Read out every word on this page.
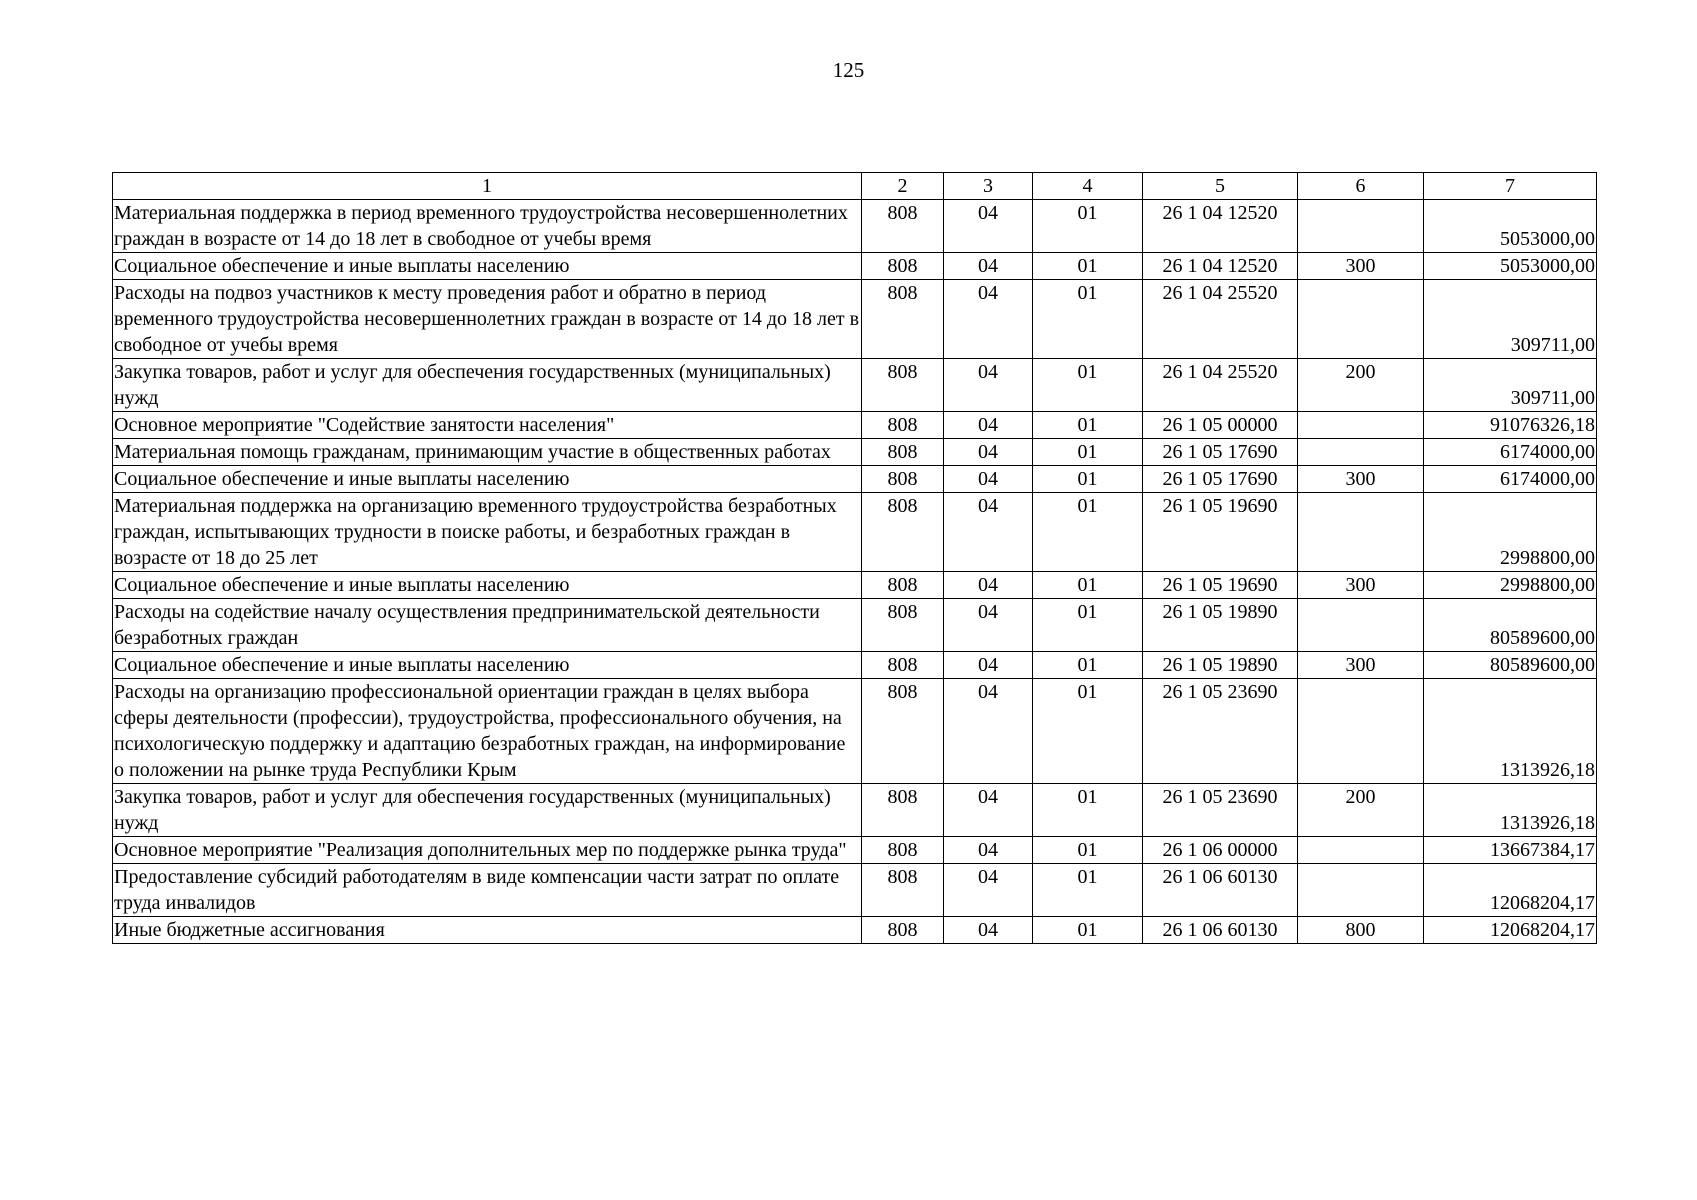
125
1	2	3	4	5	6	7
Материальная поддержка в период временного трудоустройства несовершеннолетних граждан в возрасте от 14 до 18 лет в свободное от учебы время	808	04	01	26 1 04 12520		5053000,00
Социальное обеспечение и иные выплаты населению	808	04	01	26 1 04 12520	300	5053000,00
Расходы на подвоз участников к месту проведения работ и обратно в период временного трудоустройства несовершеннолетних граждан в возрасте от 14 до 18 лет в свободное от учебы время	808	04	01	26 1 04 25520		309711,00
Закупка товаров, работ и услуг для обеспечения государственных (муниципальных) нужд	808	04	01	26 1 04 25520	200	309711,00
Основное мероприятие "Содействие занятости населения"	808	04	01	26 1 05 00000		91076326,18
Материальная помощь гражданам, принимающим участие в общественных работах	808	04	01	26 1 05 17690		6174000,00
Социальное обеспечение и иные выплаты населению	808	04	01	26 1 05 17690	300	6174000,00
Материальная поддержка на организацию временного трудоустройства безработных граждан, испытывающих трудности в поиске работы, и безработных граждан в возрасте от 18 до 25 лет	808	04	01	26 1 05 19690		2998800,00
Социальное обеспечение и иные выплаты населению	808	04	01	26 1 05 19690	300	2998800,00
Расходы на содействие началу осуществления предпринимательской деятельности безработных граждан	808	04	01	26 1 05 19890		80589600,00
Социальное обеспечение и иные выплаты населению	808	04	01	26 1 05 19890	300	80589600,00
Расходы на организацию профессиональной ориентации граждан в целях выбора сферы деятельности (профессии), трудоустройства, профессионального обучения, на психологическую поддержку и адаптацию безработных граждан, на информирование о положении на рынке труда Республики Крым	808	04	01	26 1 05 23690		1313926,18
Закупка товаров, работ и услуг для обеспечения государственных (муниципальных) нужд	808	04	01	26 1 05 23690	200	1313926,18
Основное мероприятие "Реализация дополнительных мер по поддержке рынка труда"	808	04	01	26 1 06 00000		13667384,17
Предоставление субсидий работодателям в виде компенсации части затрат по оплате труда инвалидов	808	04	01	26 1 06 60130		12068204,17
Иные бюджетные ассигнования	808	04	01	26 1 06 60130	800	12068204,17
